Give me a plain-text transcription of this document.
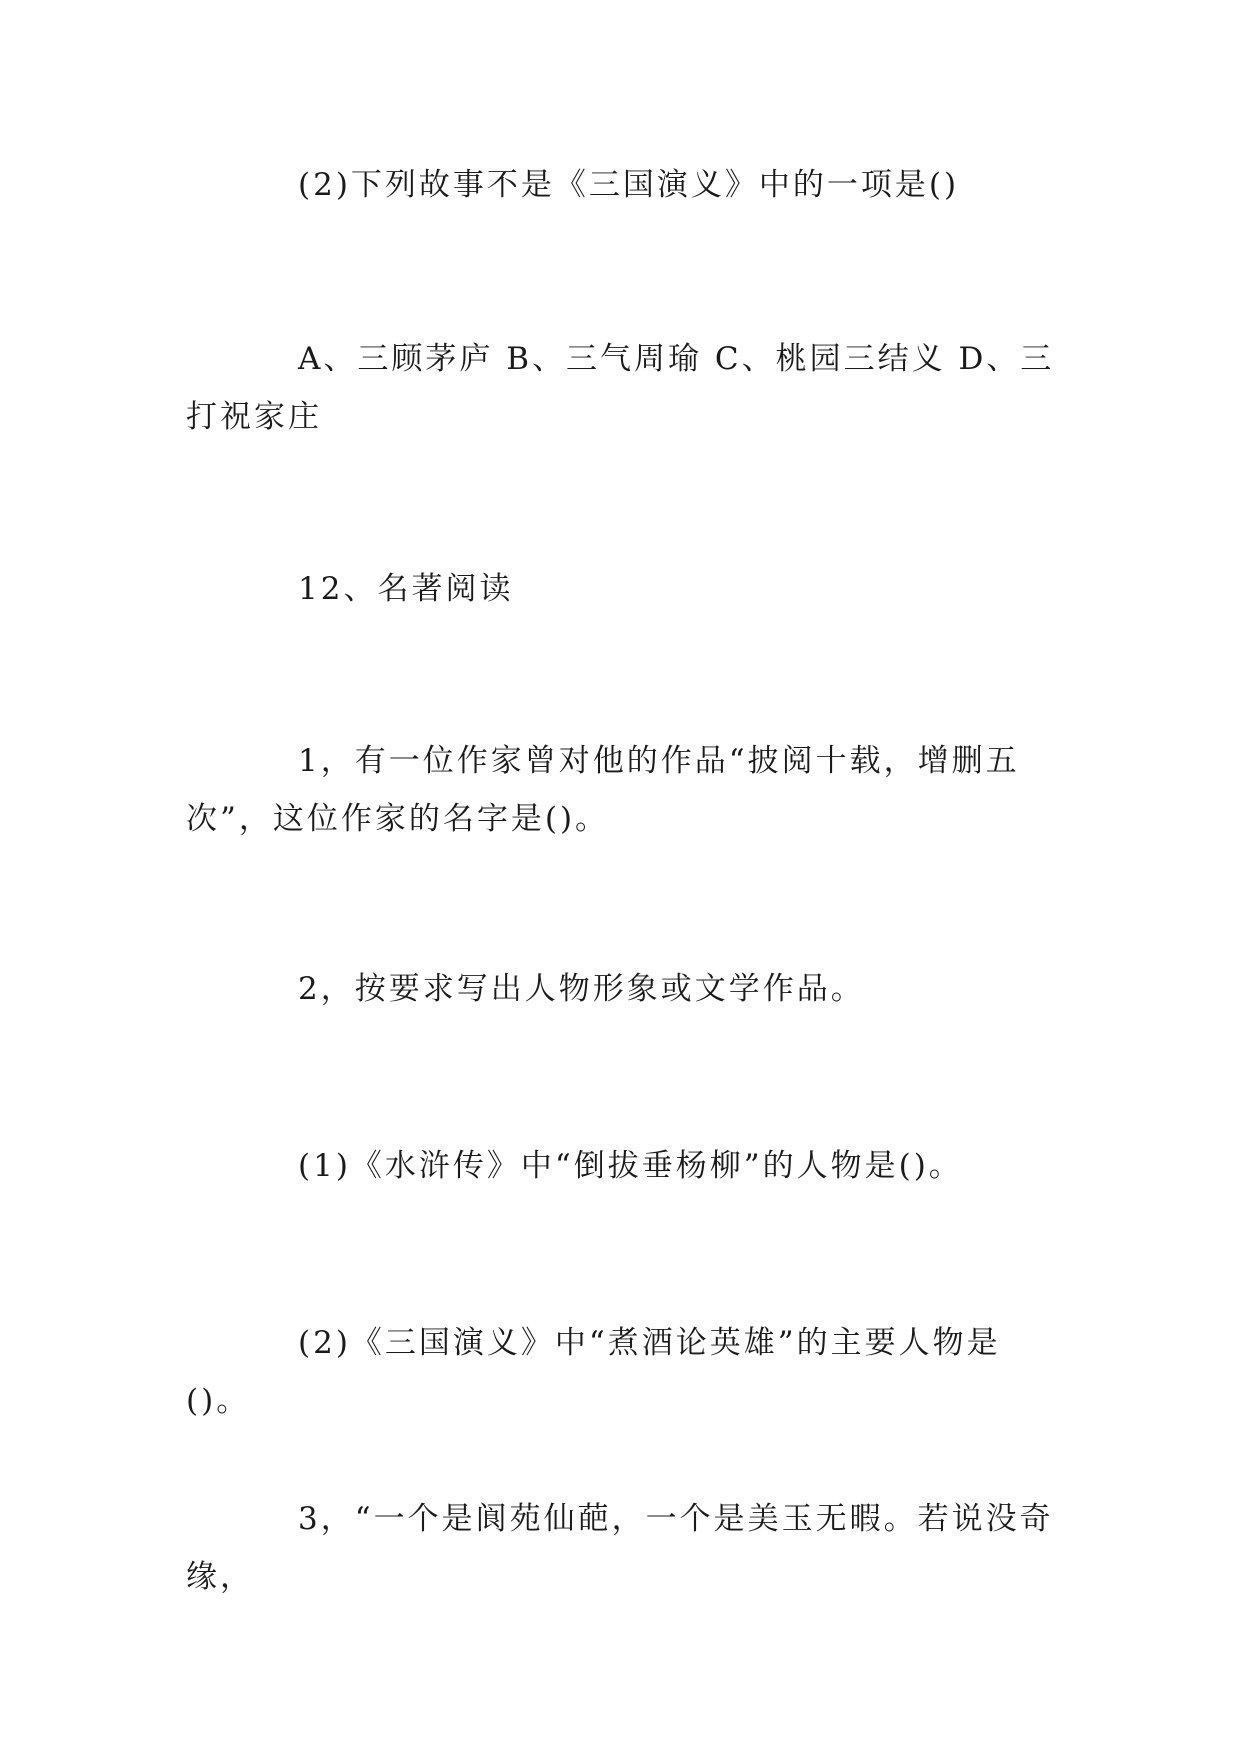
(2)下列故事不是《三国演义》中的一项是()

A、三顾茅庐 B、三气周瑜 C、桃园三结义 D、三打祝家庄

12、名著阅读

1，有一位作家曾对他的作品“披阅十载，增删五次”，这位作家的名字是()。

2，按要求写出人物形象或文学作品。

(1)《水浒传》中“倒拔垂杨柳”的人物是()。

(2)《三国演义》中“煮酒论英雄”的主要人物是()。

3，“一个是阆苑仙葩，一个是美玉无暇。若说没奇缘，
